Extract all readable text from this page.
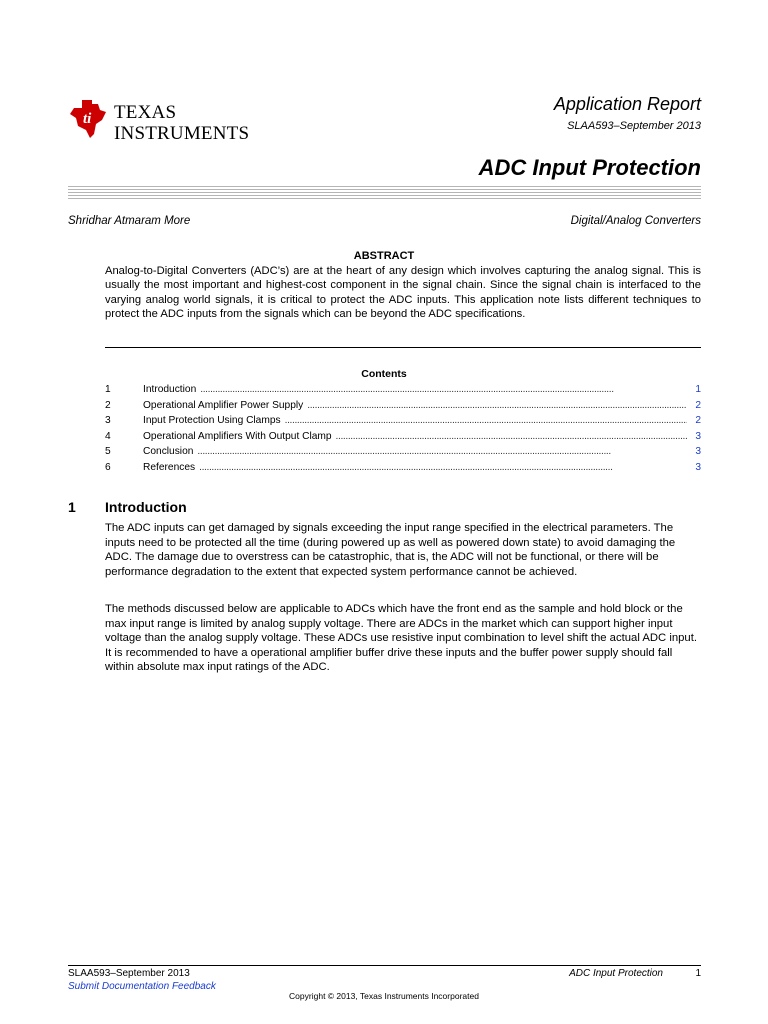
ti TEXAS
INSTRUMENTS
Application Report
SLAA593–September 2013
ADC Input Protection
Shridhar Atmaram More	Digital/Analog Converters
ABSTRACT
Analog-to-Digital Converters (ADC’s) are at the heart of any design which involves capturing the analog signal. This is usually the most important and highest-cost component in the signal chain. Since the signal chain is interfaced to the varying analog world signals, it is critical to protect the ADC inputs. This application note lists different techniques to protect the ADC inputs from the signals which can be beyond the ADC specifications.
Contents
1	Introduction . . .	1
2	Operational Amplifier Power Supply . . .	2
3	Input Protection Using Clamps . . .	2
4	Operational Amplifiers With Output Clamp . . .	3
5	Conclusion . . .	3
6	References . . .	3
1 Introduction
The ADC inputs can get damaged by signals exceeding the input range specified in the electrical parameters. The inputs need to be protected all the time (during powered up as well as powered down state) to avoid damaging the ADC. The damage due to overstress can be catastrophic, that is, the ADC will not be functional, or there will be performance degradation to the extent that expected system performance cannot be achieved.
The methods discussed below are applicable to ADCs which have the front end as the sample and hold block or the max input range is limited by analog supply voltage. There are ADCs in the market which can support higher input voltage than the analog supply voltage. These ADCs use resistive input combination to level shift the actual ADC input. It is recommended to have a operational amplifier buffer drive these inputs and the buffer power supply should fall within absolute max input ratings of the ADC.
SLAA593–September 2013
Submit Documentation Feedback
ADC Input Protection	1
Copyright © 2013, Texas Instruments Incorporated
